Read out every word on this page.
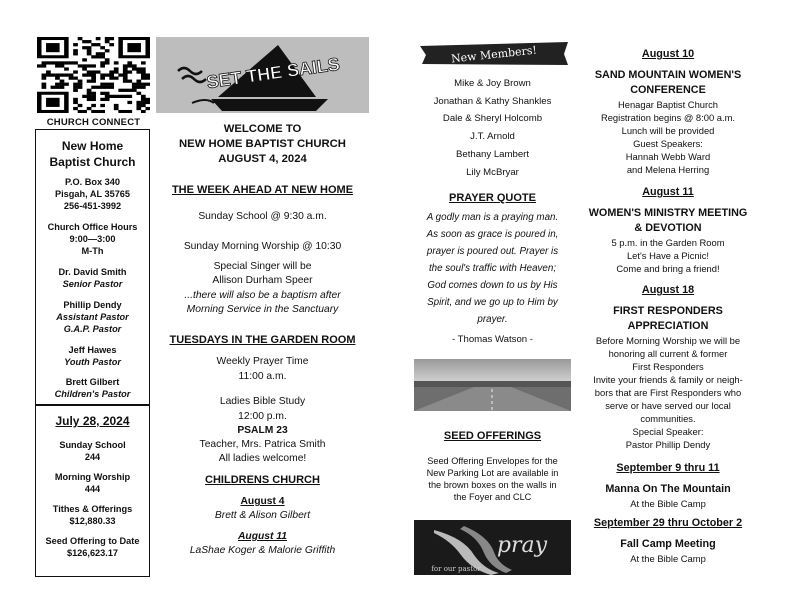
CHURCH CONNECT
New Home
Baptist Church
P.O. Box 340
Pisgah, AL 35765
256-451-3992
Church Office Hours
9:00—3:00
M-Th
Dr. David Smith
Senior Pastor
Phillip Dendy
Assistant Pastor
G.A.P. Pastor
Jeff Hawes
Youth Pastor
Brett Gilbert
Children's Pastor
July 28, 2024
Sunday School
244
Morning Worship
444
Tithes & Offerings
$12,880.33
Seed Offering to Date
$126,623.17
SET THE SAILS
WELCOME TO
NEW HOME BAPTIST CHURCH
AUGUST 4, 2024
THE WEEK AHEAD AT NEW HOME
Sunday School @ 9:30 a.m.
Sunday Morning Worship @ 10:30
Special Singer will be
Allison Durham Speer
...there will also be a baptism after
Morning Service in the Sanctuary
TUESDAYS IN THE GARDEN ROOM
Weekly Prayer Time
11:00 a.m.
Ladies Bible Study
12:00 p.m.
PSALM 23
Teacher, Mrs. Patrica Smith
All ladies welcome!
CHILDRENS CHURCH
August 4
Brett & Alison Gilbert
August 11
LaShae Koger & Malorie Griffith
New Members!
Mike & Joy Brown
Jonathan & Kathy Shankles
Dale & Sheryl Holcomb
J.T. Arnold
Bethany Lambert
Lily McBryar
PRAYER QUOTE
A godly man is a praying man.
As soon as grace is poured in,
prayer is poured out. Prayer is
the soul's traffic with Heaven;
God comes down to us by His
Spirit, and we go up to Him by
prayer.
- Thomas Watson -
SEED OFFERINGS
Seed Offering Envelopes for the
New Parking Lot are available in
the brown boxes on the walls in
the Foyer and CLC
pray
for our pastor
August 10
SAND MOUNTAIN WOMEN'S
CONFERENCE
Henagar Baptist Church
Registration begins @ 8:00 a.m.
Lunch will be provided
Guest Speakers:
Hannah Webb Ward
and Melena Herring
August 11
WOMEN'S MINISTRY MEETING
& DEVOTION
5 p.m. in the Garden Room
Let's Have a Picnic!
Come and bring a friend!
August 18
FIRST RESPONDERS
APPRECIATION
Before Morning Worship we will be
honoring all current & former
First Responders
Invite your friends & family or neigh-
bors that are First Responders who
serve or have served our local
communities.
Special Speaker:
Pastor Phillip Dendy
September 9 thru 11
Manna On The Mountain
At the Bible Camp
September 29 thru October 2
Fall Camp Meeting
At the Bible Camp
